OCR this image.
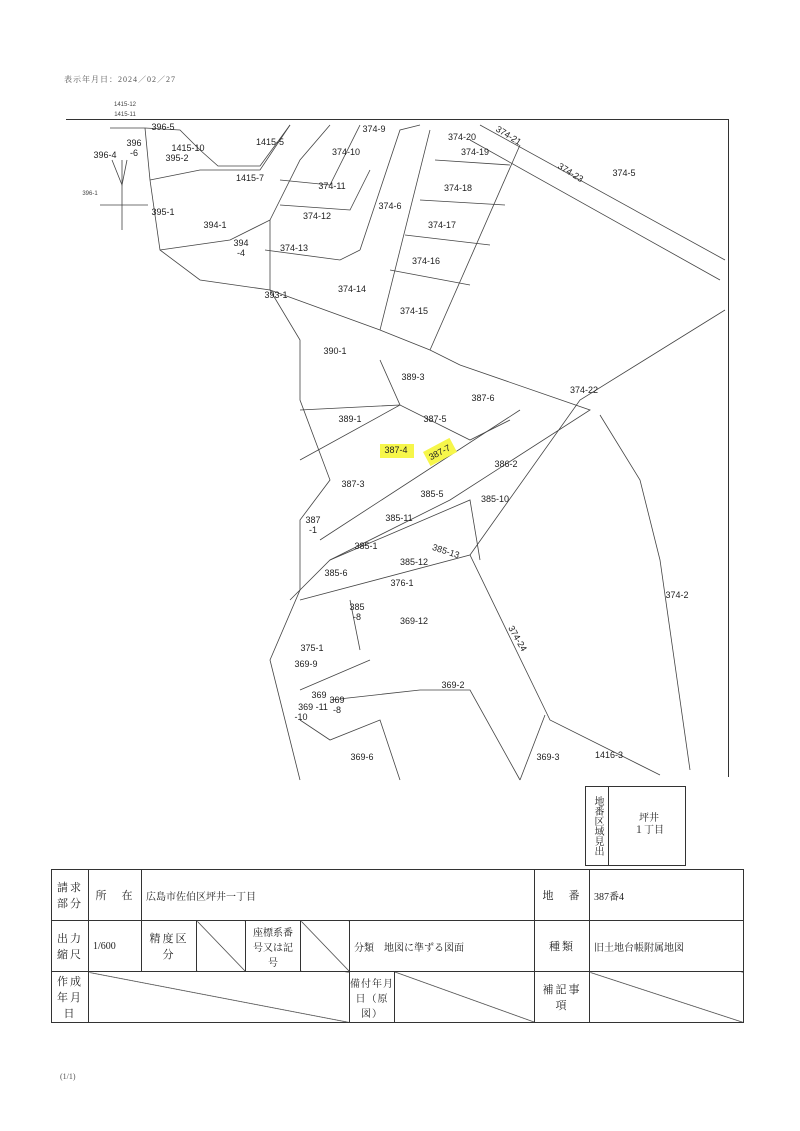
表示年月日：2024／02／27
1415-12
1415-11
396-5
396 -6
396-4
1415-10
1415-5
395-2
1415-7
396-1
395-1
394-1
394 -4
393-1
374-9
374-10
374-11
374-12
374-13
374-14
374-6
374-20 374-21
374-19
374-23	374-5
374-18
374-17
374-16
374-15
390-1
389-3
374-22
387-6
389-1	387-5
387-4 387-7
386-2
387-3
385-5	385-10
387 -1
385-11
385-1	385-13
385-12
385-6
376-1
374-2
385 -8	369-12
374-24
375-1
369-9
369-2
369 369 -8
369 -11
-10
369-6	369-3	1416-3
地番区域見出	坪井
１丁目
請求部分	所　在	広島市佐伯区坪井一丁目					地　番	387番4
出力縮尺	1/600	精度区分		座標系番号又は記号		分類　 地図に準ずる図面	種類	旧土地台帳附属地図
作成年月日						備付年月日（原図）	補記事項	
(1/1)
